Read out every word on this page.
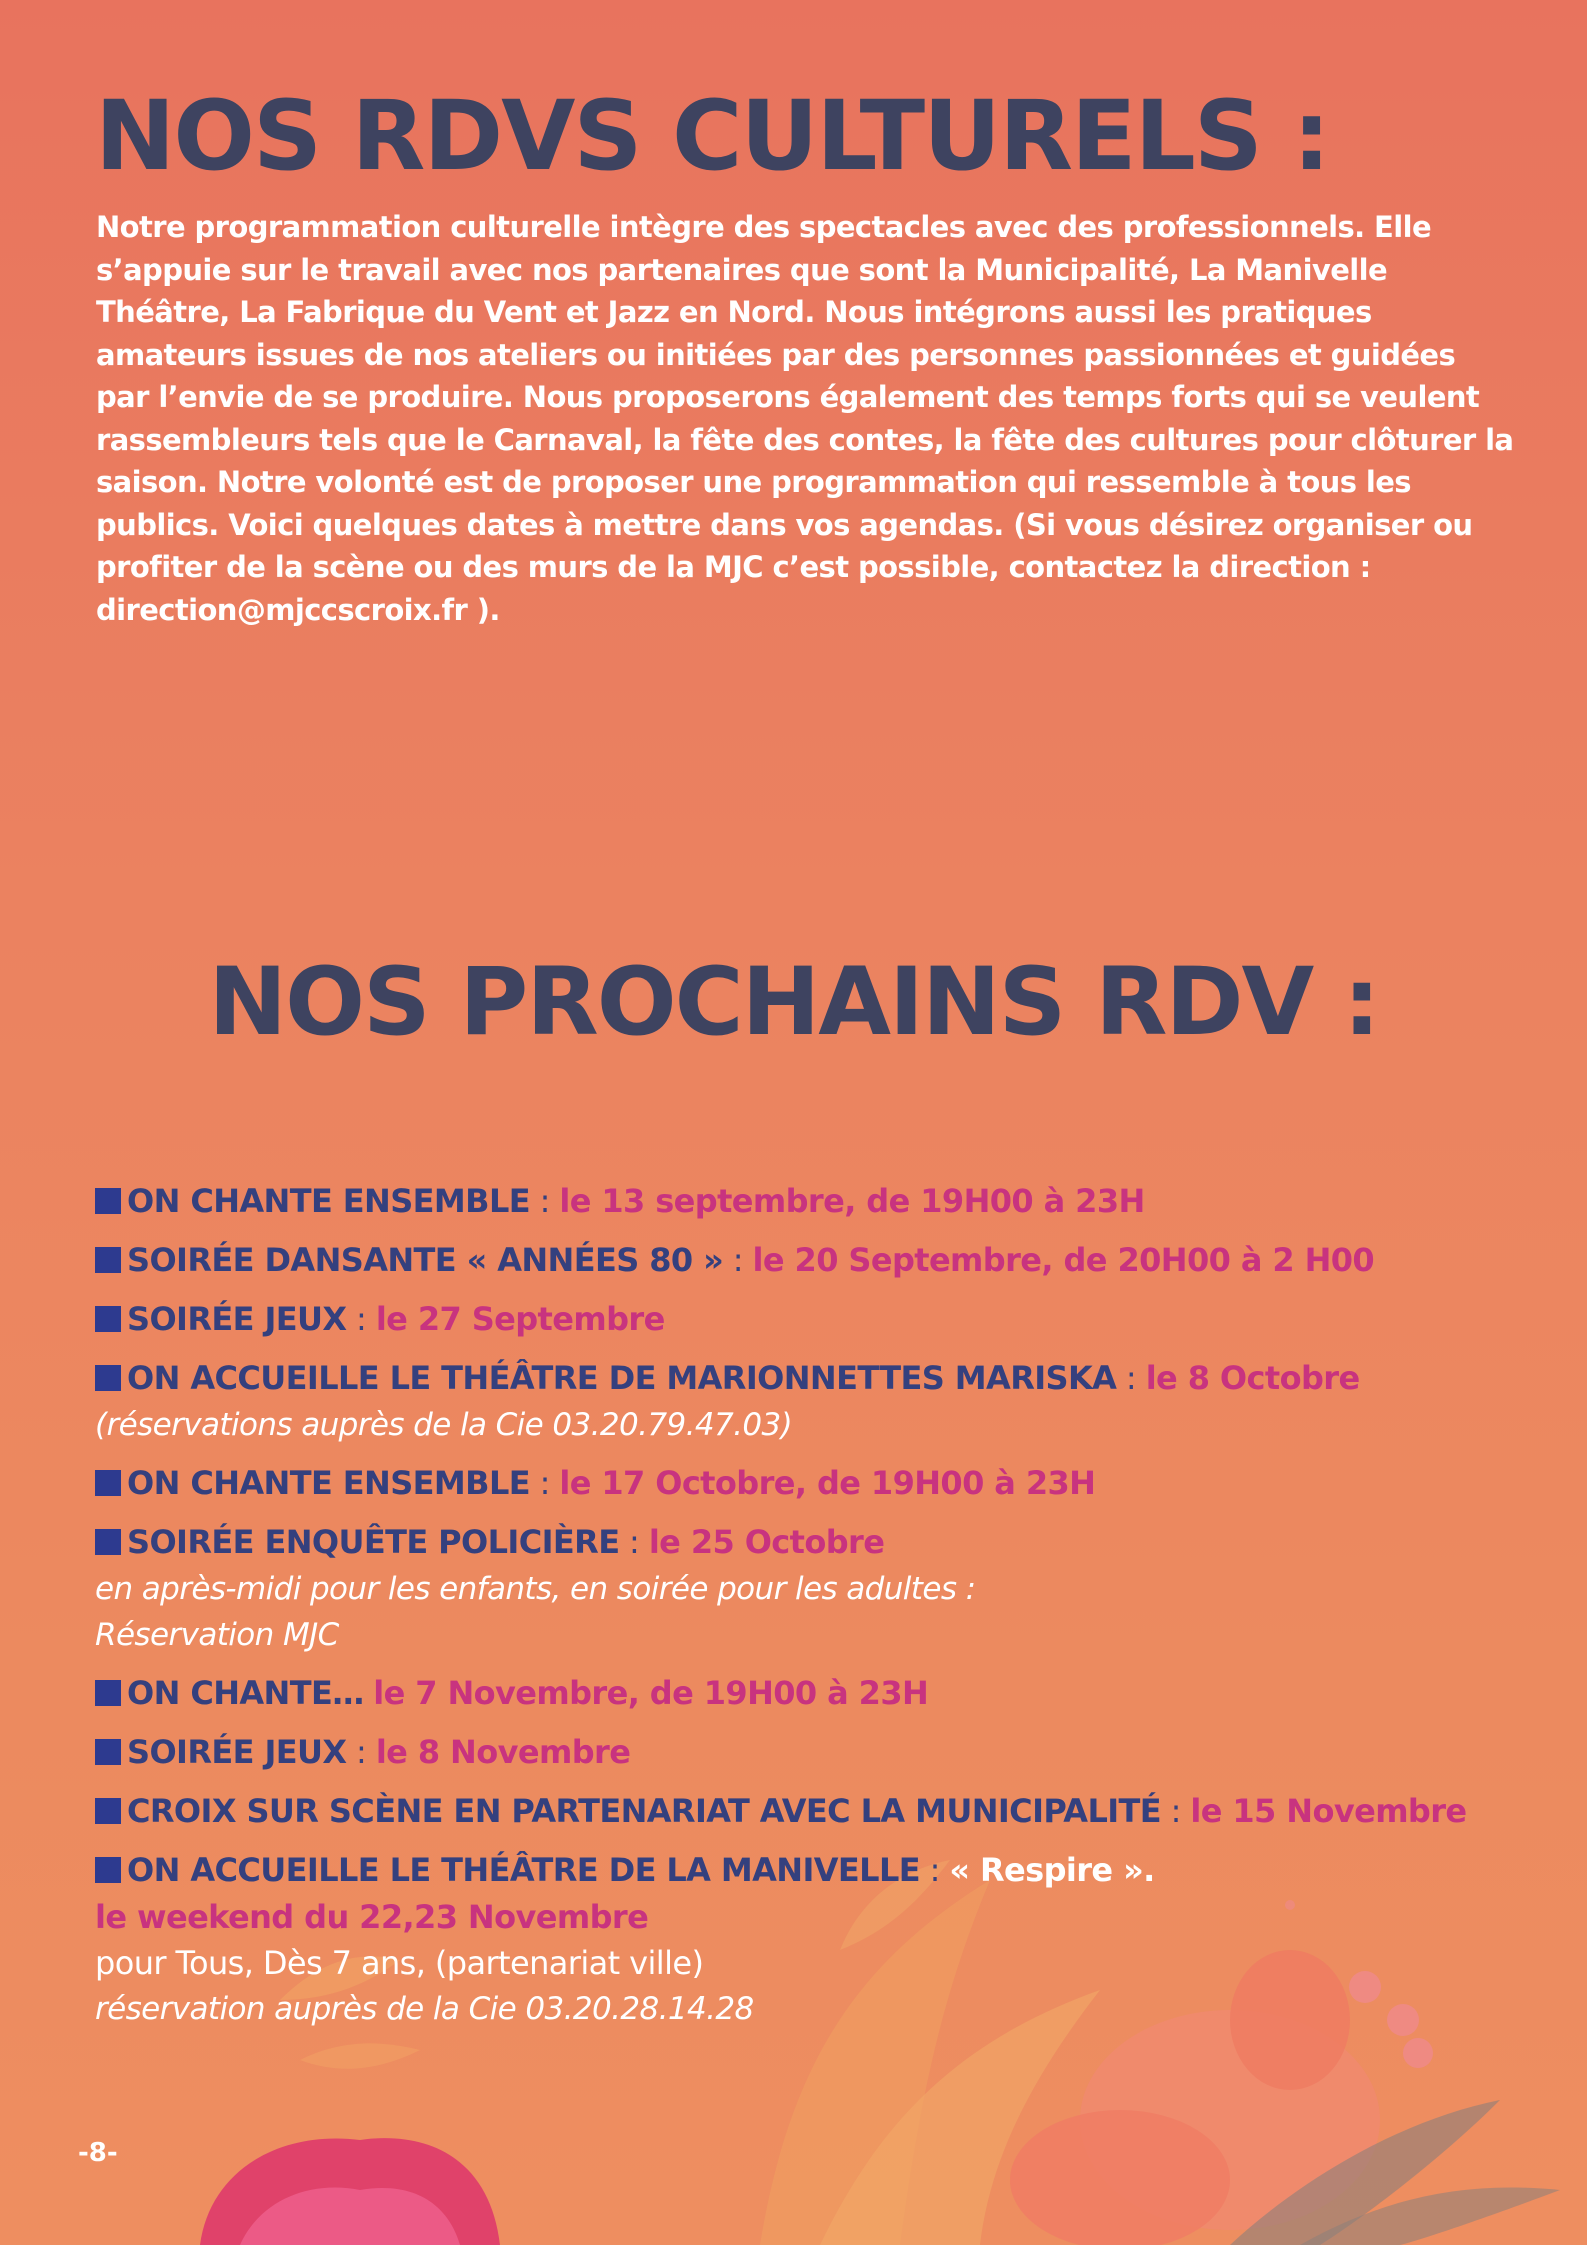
NOS RDVS CULTURELS :

Notre programmation culturelle intègre des spectacles avec des professionnels. Elle s’appuie sur le travail avec nos partenaires que sont la Municipalité, La Manivelle Théâtre, La Fabrique du Vent et Jazz en Nord. Nous intégrons aussi les pratiques amateurs issues de nos ateliers ou initiées par des personnes passionnées et guidées par l’envie de se produire. Nous proposerons également des temps forts qui se veulent rassembleurs tels que le Carnaval, la fête des contes, la fête des cultures pour clôturer la saison. Notre volonté est de proposer une programmation qui ressemble à tous les publics. Voici quelques dates à mettre dans vos agendas. (Si vous désirez organiser ou profiter de la scène ou des murs de la MJC c’est possible, contactez la direction : direction@mjccscroix.fr ).

NOS PROCHAINS RDV :
ON CHANTE ENSEMBLE : le 13 septembre, de 19H00 à 23H
SOIRÉE DANSANTE « ANNÉES 80 » : le 20 Septembre, de 20H00 à 2 H00
SOIRÉE JEUX : le 27 Septembre
ON ACCUEILLE LE THÉÂTRE DE MARIONNETTES MARISKA : le 8 Octobre
(réservations auprès de la Cie 03.20.79.47.03)
ON CHANTE ENSEMBLE : le 17 Octobre, de 19H00 à 23H
SOIRÉE ENQUÊTE POLICIÈRE : le 25 Octobre
en après-midi pour les enfants, en soirée pour les adultes :
Réservation MJC
ON CHANTE… le 7 Novembre, de 19H00 à 23H
SOIRÉE JEUX : le 8 Novembre
CROIX SUR SCÈNE EN PARTENARIAT AVEC LA MUNICIPALITÉ : le 15 Novembre
ON ACCUEILLE LE THÉÂTRE DE LA MANIVELLE : « Respire ».
le weekend du 22,23 Novembre
pour Tous, Dès 7 ans, (partenariat ville)
réservation auprès de la Cie 03.20.28.14.28
-8-
